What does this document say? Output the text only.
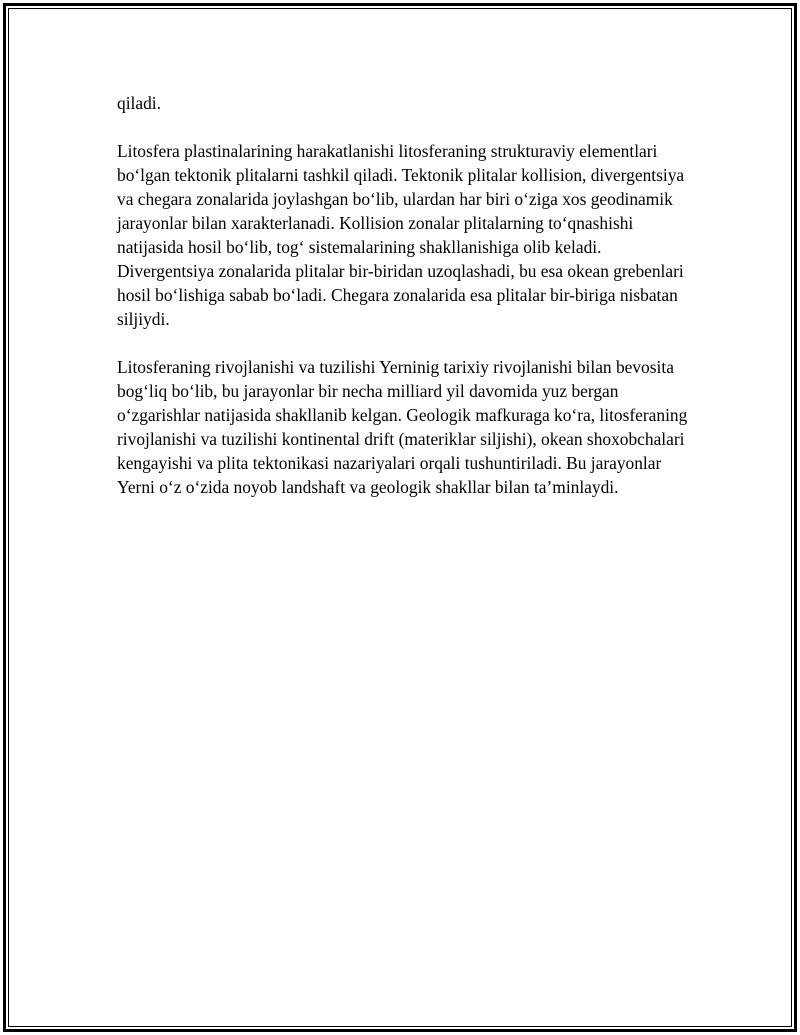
qiladi.

Litosfera plastinalarining harakatlanishi litosferaning strukturaviy elementlari bo‘lgan tektonik plitalarni tashkil qiladi. Tektonik plitalar kollision, divergentsiya va chegara zonalarida joylashgan bo‘lib, ulardan har biri o‘ziga xos geodinamik jarayonlar bilan xarakterlanadi. Kollision zonalar plitalarning to‘qnashishi natijasida hosil bo‘lib, tog‘ sistemalarining shakllanishiga olib keladi. Divergentsiya zonalarida plitalar bir-biridan uzoqlashadi, bu esa okean grebenlari hosil bo‘lishiga sabab bo‘ladi. Chegara zonalarida esa plitalar bir-biriga nisbatan siljiydi.

Litosferaning rivojlanishi va tuzilishi Yerninig tarixiy rivojlanishi bilan bevosita bog‘liq bo‘lib, bu jarayonlar bir necha milliard yil davomida yuz bergan o‘zgarishlar natijasida shakllanib kelgan. Geologik mafkuraga ko‘ra, litosferaning rivojlanishi va tuzilishi kontinental drift (materiklar siljishi), okean shoxobchalari kengayishi va plita tektonikasi nazariyalari orqali tushuntiriladi. Bu jarayonlar Yerni o‘z o‘zida noyob landshaft va geologik shakllar bilan ta’minlaydi.
